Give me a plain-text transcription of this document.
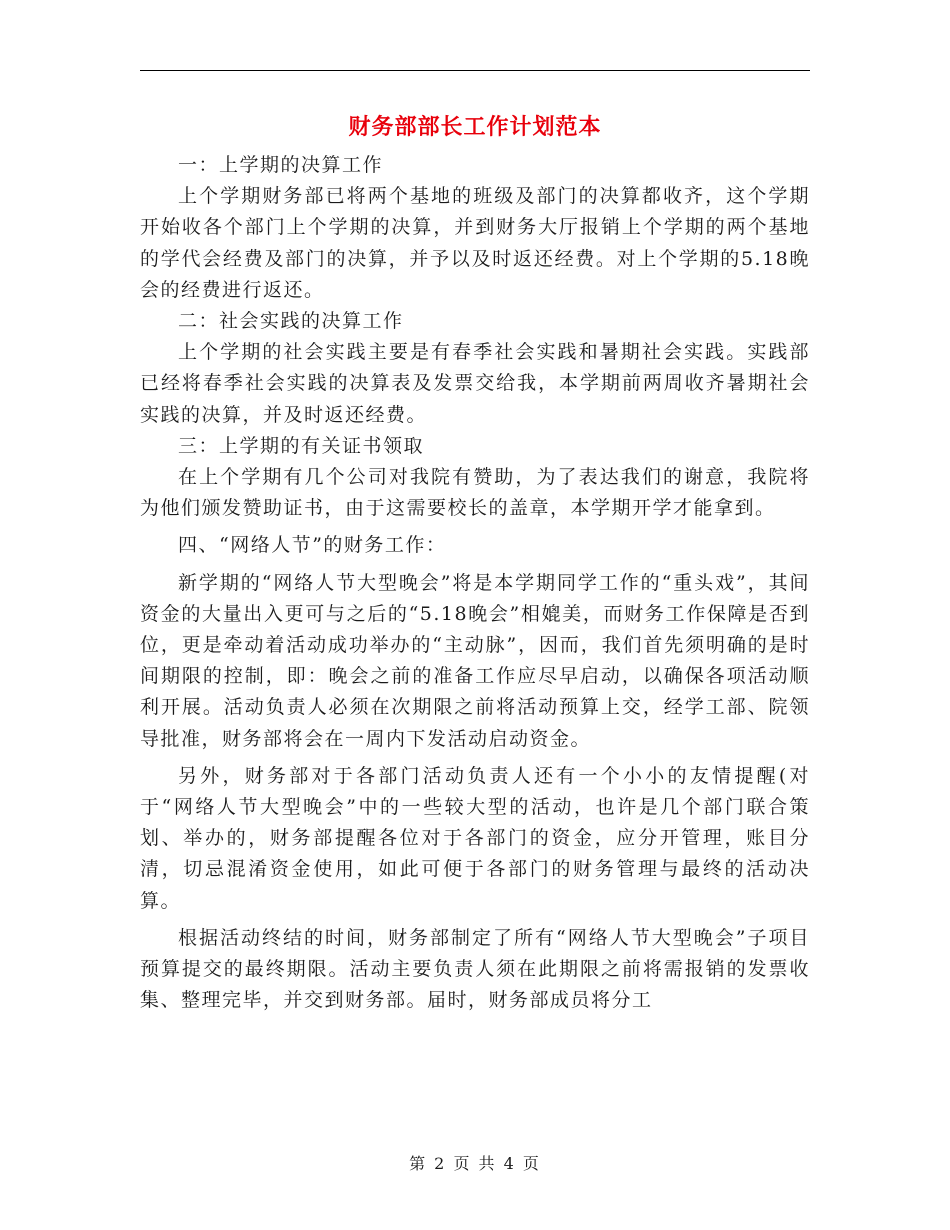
财务部部长工作计划范本

一：上学期的决算工作

上个学期财务部已将两个基地的班级及部门的决算都收齐，这个学期开始收各个部门上个学期的决算，并到财务大厅报销上个学期的两个基地的学代会经费及部门的决算，并予以及时返还经费。对上个学期的5.18晚会的经费进行返还。

二：社会实践的决算工作

上个学期的社会实践主要是有春季社会实践和暑期社会实践。实践部已经将春季社会实践的决算表及发票交给我，本学期前两周收齐暑期社会实践的决算，并及时返还经费。

三：上学期的有关证书领取

在上个学期有几个公司对我院有赞助，为了表达我们的谢意，我院将为他们颁发赞助证书，由于这需要校长的盖章，本学期开学才能拿到。

四、“网络人节”的财务工作：

新学期的“网络人节大型晚会”将是本学期同学工作的“重头戏”，其间资金的大量出入更可与之后的“5.18晚会”相媲美，而财务工作保障是否到位，更是牵动着活动成功举办的“主动脉”，因而，我们首先须明确的是时间期限的控制，即：晚会之前的准备工作应尽早启动，以确保各项活动顺利开展。活动负责人必须在次期限之前将活动预算上交，经学工部、院领导批准，财务部将会在一周内下发活动启动资金。

另外，财务部对于各部门活动负责人还有一个小小的友情提醒(对于“网络人节大型晚会”中的一些较大型的活动，也许是几个部门联合策划、举办的，财务部提醒各位对于各部门的资金，应分开管理，账目分清，切忌混淆资金使用，如此可便于各部门的财务管理与最终的活动决算。

根据活动终结的时间，财务部制定了所有“网络人节大型晚会”子项目预算提交的最终期限。活动主要负责人须在此期限之前将需报销的发票收集、整理完毕，并交到财务部。届时，财务部成员将分工

第 2 页 共 4 页
